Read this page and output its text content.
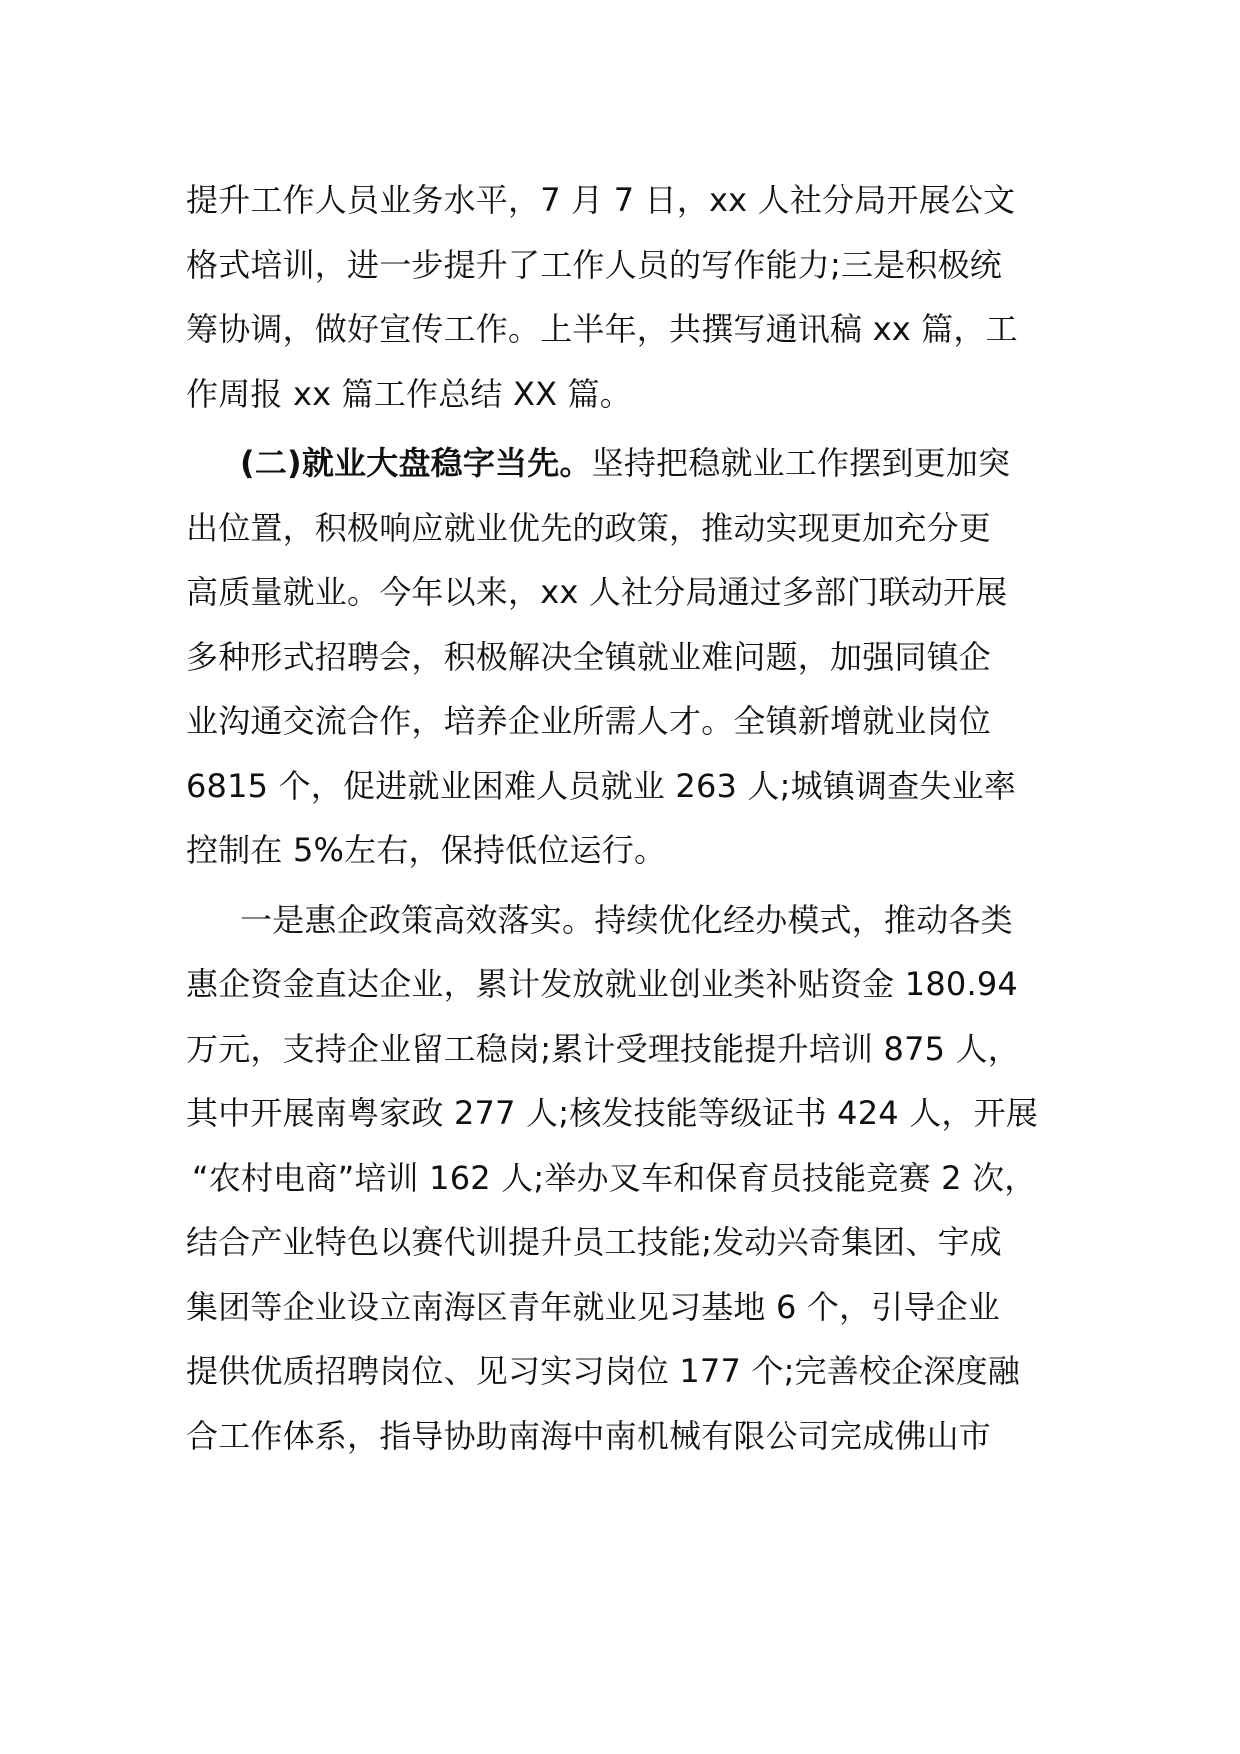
提升工作人员业务水平，7 月 7 日，xx 人社分局开展公文
格式培训，进一步提升了工作人员的写作能力;三是积极统
筹协调，做好宣传工作。上半年，共撰写通讯稿 xx 篇，工
作周报 xx 篇工作总结 XX 篇。
(二)就业大盘稳字当先。坚持把稳就业工作摆到更加突
出位置，积极响应就业优先的政策，推动实现更加充分更
高质量就业。今年以来，xx 人社分局通过多部门联动开展
多种形式招聘会，积极解决全镇就业难问题，加强同镇企
业沟通交流合作，培养企业所需人才。全镇新增就业岗位
6815 个，促进就业困难人员就业 263 人;城镇调查失业率
控制在 5%左右，保持低位运行。
一是惠企政策高效落实。持续优化经办模式，推动各类
惠企资金直达企业，累计发放就业创业类补贴资金 180.94
万元，支持企业留工稳岗;累计受理技能提升培训 875 人，
其中开展南粤家政 277 人;核发技能等级证书 424 人，开展
“农村电商”培训 162 人;举办叉车和保育员技能竞赛 2 次，
结合产业特色以赛代训提升员工技能;发动兴奇集团、宇成
集团等企业设立南海区青年就业见习基地 6 个，引导企业
提供优质招聘岗位、见习实习岗位 177 个;完善校企深度融
合工作体系，指导协助南海中南机械有限公司完成佛山市
